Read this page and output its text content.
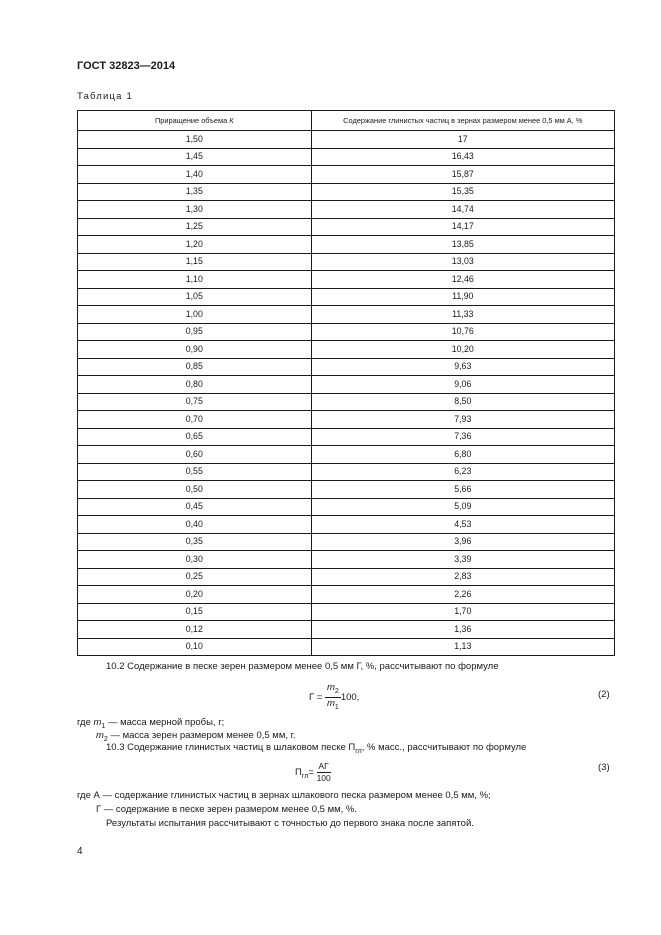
ГОСТ 32823—2014
Таблица 1
Приращение объема К	Содержание глинистых частиц в зернах размером менее 0,5 мм А, %
1,50	17
1,45	16,43
1,40	15,87
1,35	15,35
1,30	14,74
1,25	14,17
1,20	13,85
1,15	13,03
1,10	12,46
1,05	11,90
1,00	11,33
0,95	10,76
0,90	10,20
0,85	9,63
0,80	9,06
0,75	8,50
0,70	7,93
0,65	7,36
0,60	6,80
0,55	6,23
0,50	5,66
0,45	5,09
0,40	4,53
0,35	3,96
0,30	3,39
0,25	2,83
0,20	2,26
0,15	1,70
0,12	1,36
0,10	1,13
10.2 Содержание в песке зерен размером менее 0,5 мм Г, %, рассчитывают по формуле
$Г = \frac{m_2}{m_1} 100$,	(2)
где $m_1$ — масса мерной пробы, г;
$m_2$ — масса зерен размером менее 0,5 мм, г.
10.3 Содержание глинистых частиц в шлаковом песке $П_{гл}$, % масс., рассчитывают по формуле
$П_{гл}= \frac{АГ}{100}$	(3)
где А — содержание глинистых частиц в зернах шлакового песка размером менее 0,5 мм, %;
Г — содержание в песке зерен размером менее 0,5 мм, %.
Результаты испытания рассчитывают с точностью до первого знака после запятой.
4
